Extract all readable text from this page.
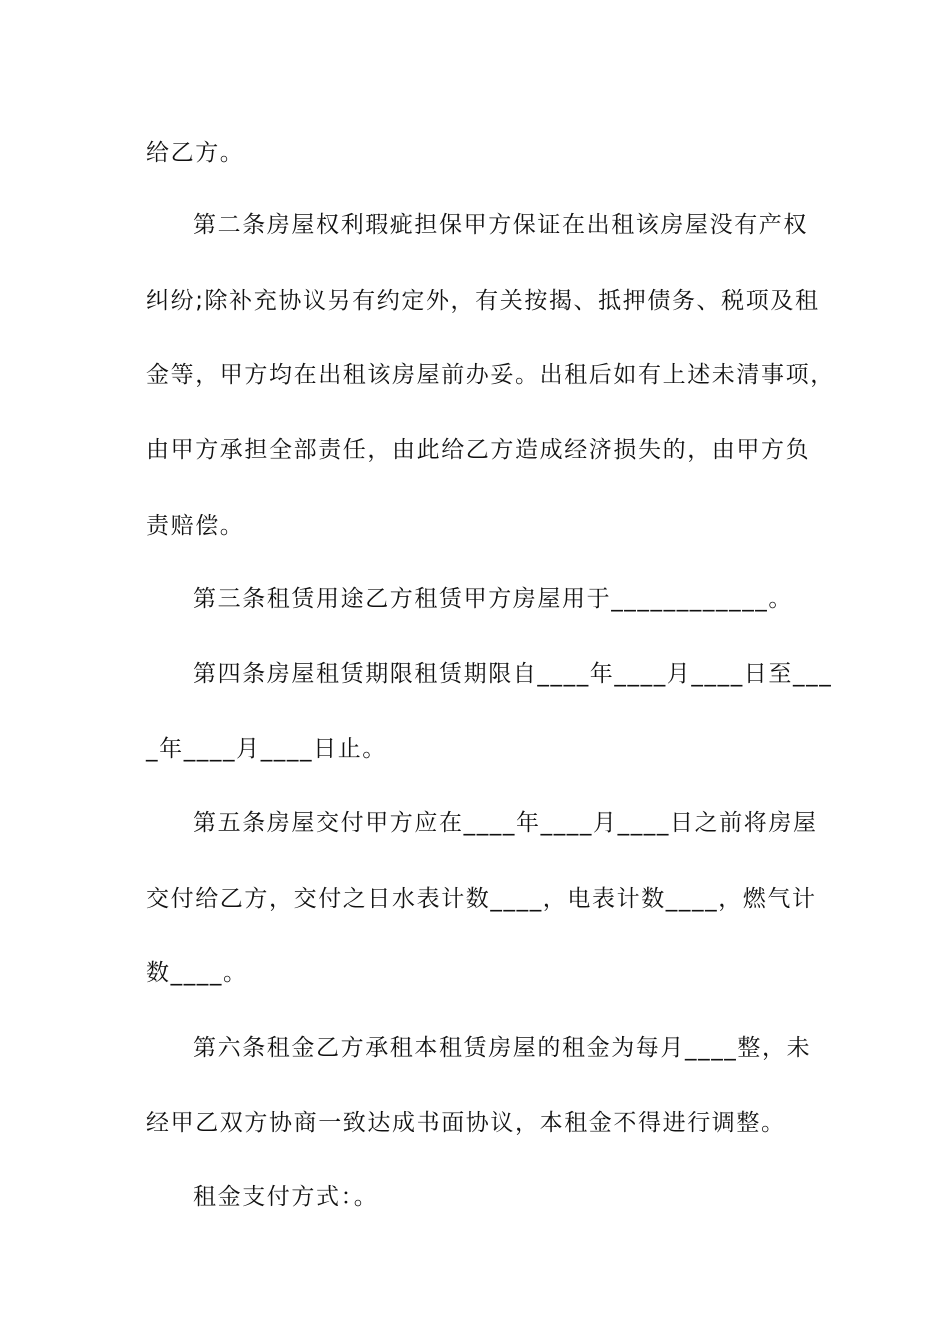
给乙方。
第二条房屋权利瑕疵担保甲方保证在出租该房屋没有产权
纠纷;除补充协议另有约定外，有关按揭、抵押债务、税项及租
金等，甲方均在出租该房屋前办妥。出租后如有上述未清事项，
由甲方承担全部责任，由此给乙方造成经济损失的，由甲方负
责赔偿。
第三条租赁用途乙方租赁甲方房屋用于____________。
第四条房屋租赁期限租赁期限自____年____月____日至___
_年____月____日止。
第五条房屋交付甲方应在____年____月____日之前将房屋
交付给乙方，交付之日水表计数____，电表计数____，燃气计
数____。
第六条租金乙方承租本租赁房屋的租金为每月____整，未
经甲乙双方协商一致达成书面协议，本租金不得进行调整。
租金支付方式：。
